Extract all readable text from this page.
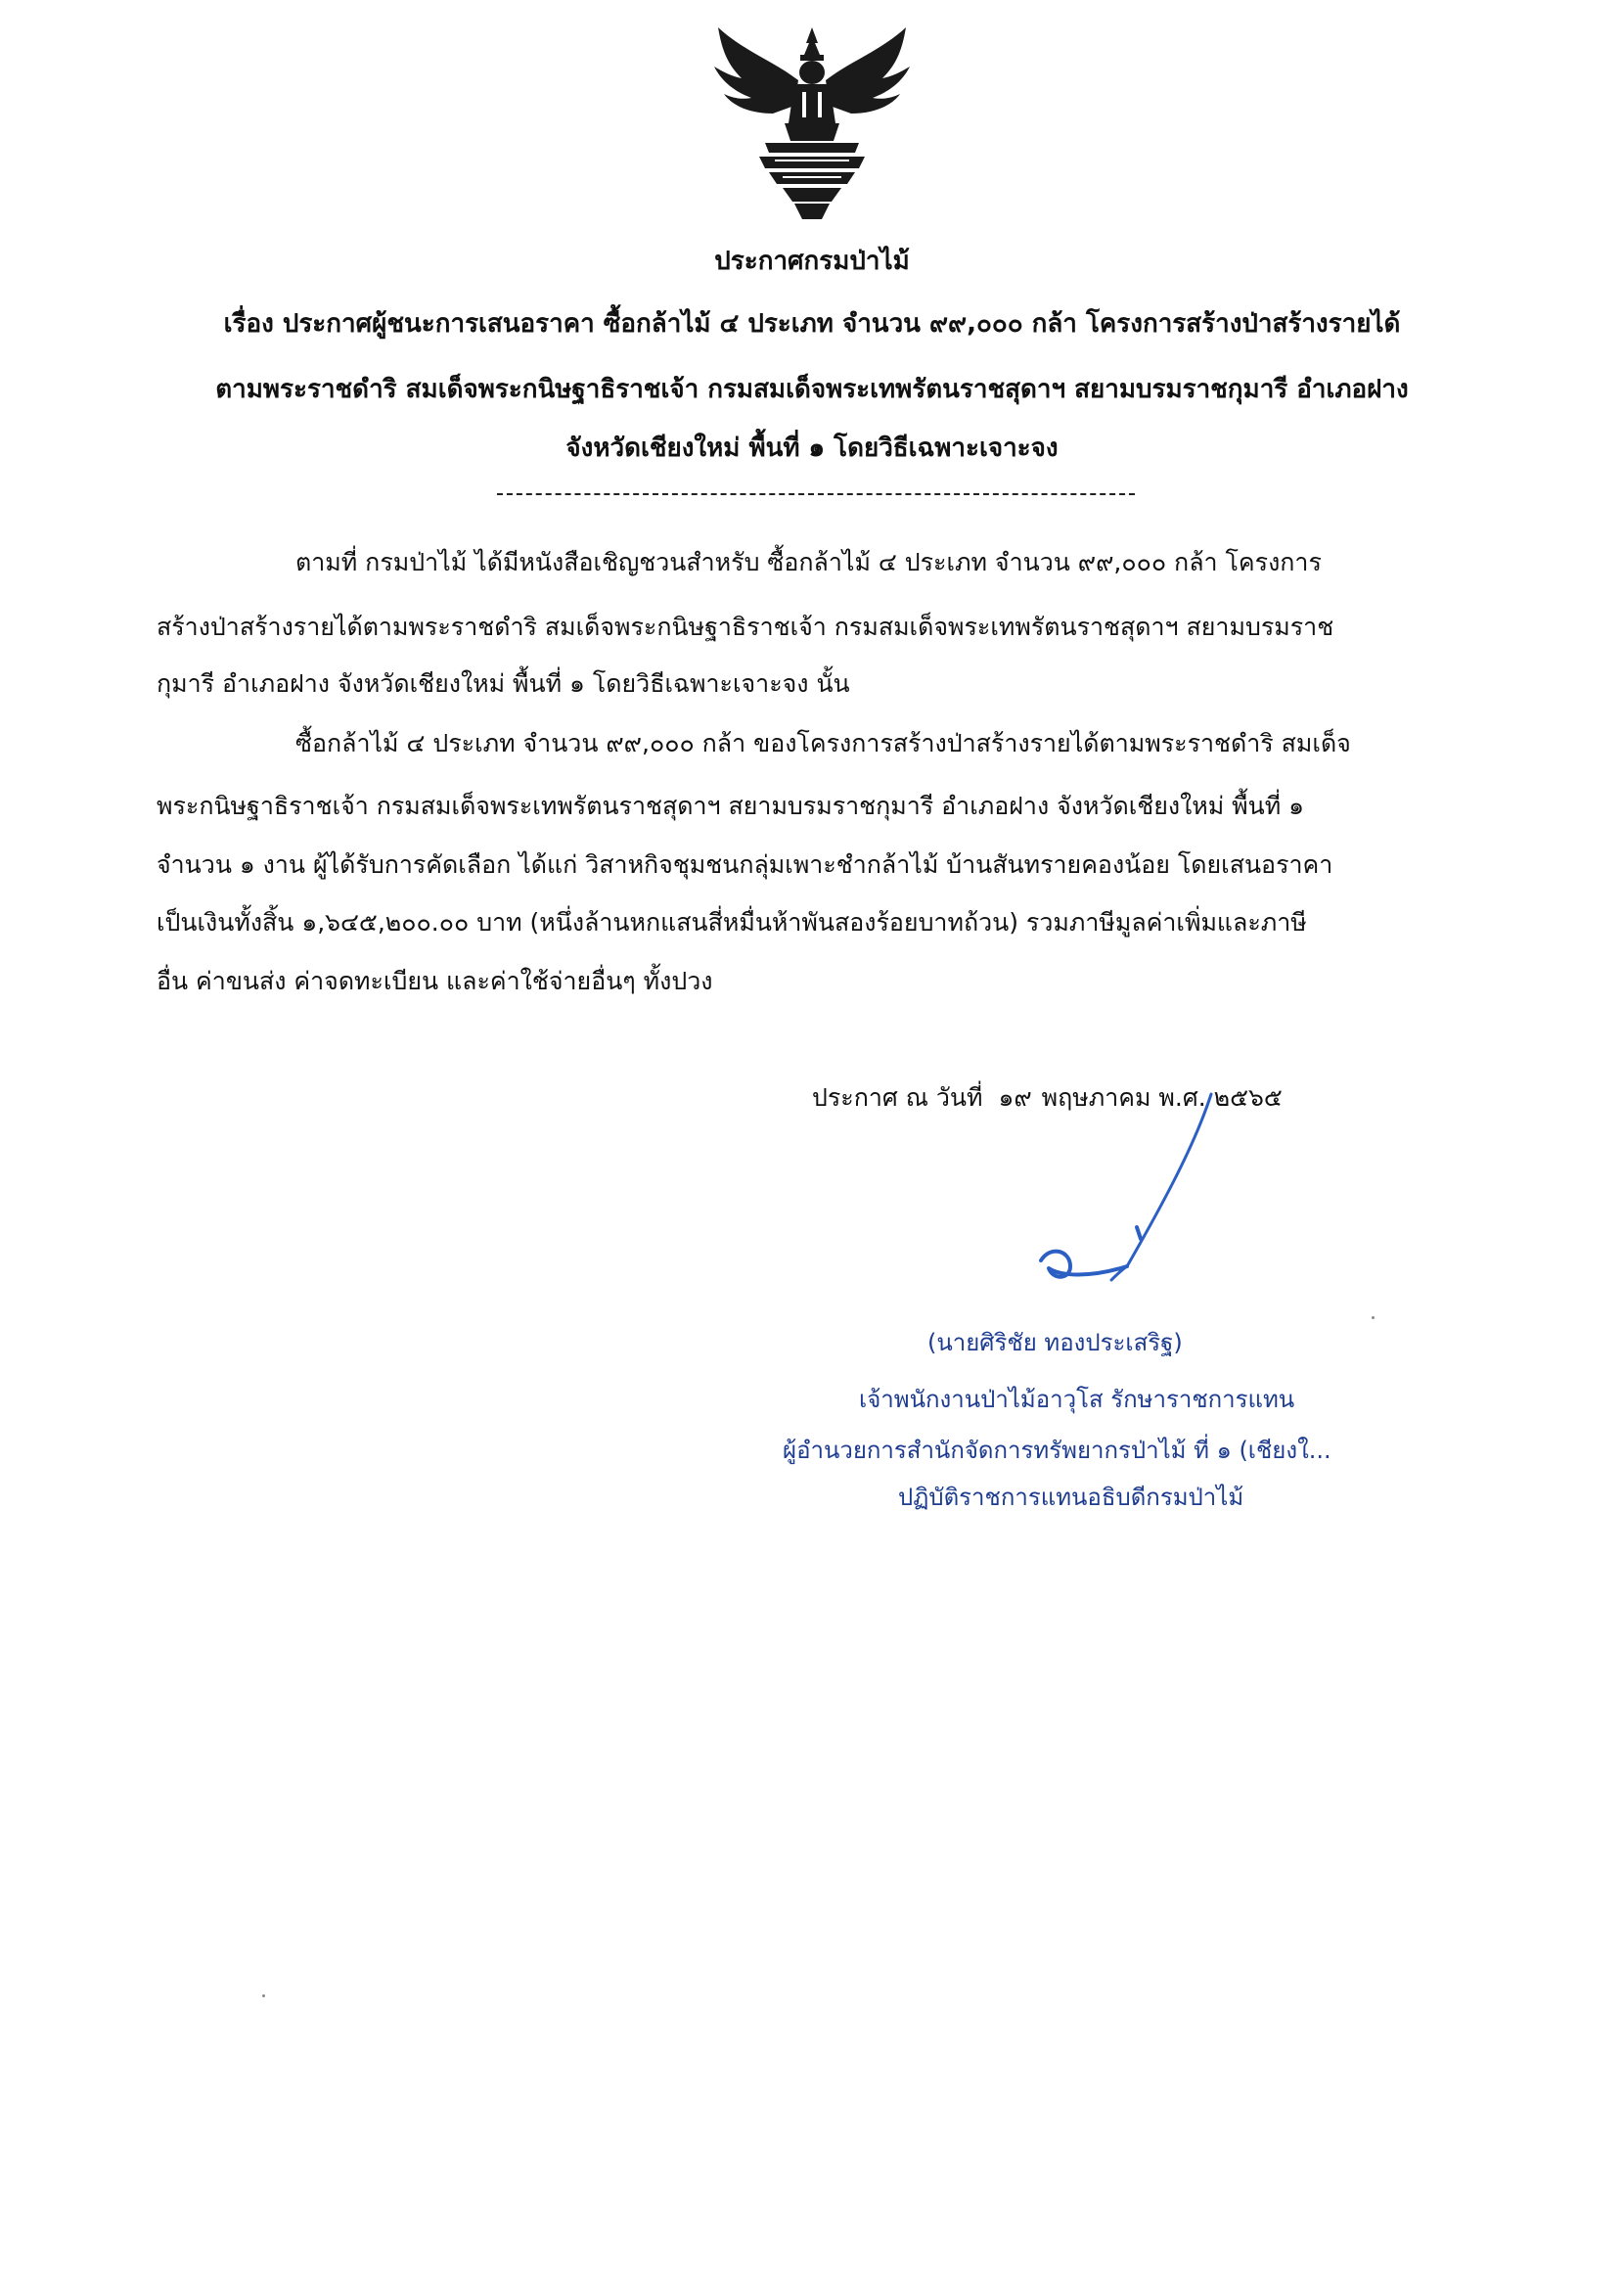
ประกาศกรมป่าไม้
เรื่อง ประกาศผู้ชนะการเสนอราคา ซื้อกล้าไม้ ๔ ประเภท จำนวน ๙๙,๐๐๐ กล้า โครงการสร้างป่าสร้างรายได้
ตามพระราชดำริ สมเด็จพระกนิษฐาธิราชเจ้า กรมสมเด็จพระเทพรัตนราชสุดาฯ สยามบรมราชกุมารี อำเภอฝาง
จังหวัดเชียงใหม่ พื้นที่ ๑ โดยวิธีเฉพาะเจาะจง
ตามที่ กรมป่าไม้ ได้มีหนังสือเชิญชวนสำหรับ ซื้อกล้าไม้ ๔ ประเภท จำนวน ๙๙,๐๐๐ กล้า โครงการ
สร้างป่าสร้างรายได้ตามพระราชดำริ สมเด็จพระกนิษฐาธิราชเจ้า กรมสมเด็จพระเทพรัตนราชสุดาฯ สยามบรมราช
กุมารี อำเภอฝาง จังหวัดเชียงใหม่ พื้นที่ ๑ โดยวิธีเฉพาะเจาะจง นั้น
ซื้อกล้าไม้ ๔ ประเภท จำนวน ๙๙,๐๐๐ กล้า ของโครงการสร้างป่าสร้างรายได้ตามพระราชดำริ สมเด็จ
พระกนิษฐาธิราชเจ้า กรมสมเด็จพระเทพรัตนราชสุดาฯ สยามบรมราชกุมารี อำเภอฝาง จังหวัดเชียงใหม่ พื้นที่ ๑
จำนวน ๑ งาน ผู้ได้รับการคัดเลือก ได้แก่ วิสาหกิจชุมชนกลุ่มเพาะชำกล้าไม้ บ้านสันทรายคองน้อย โดยเสนอราคา
เป็นเงินทั้งสิ้น ๑,๖๔๕,๒๐๐.๐๐ บาท (หนึ่งล้านหกแสนสี่หมื่นห้าพันสองร้อยบาทถ้วน) รวมภาษีมูลค่าเพิ่มและภาษี
อื่น ค่าขนส่ง ค่าจดทะเบียน และค่าใช้จ่ายอื่นๆ ทั้งปวง
ประกาศ ณ วันที่ ๑๙ พฤษภาคม พ.ศ. ๒๕๖๕
(นายศิริชัย ทองประเสริฐ)
เจ้าพนักงานป่าไม้อาวุโส รักษาราชการแทน
ผู้อำนวยการสำนักจัดการทรัพยากรป่าไม้ ที่ ๑ (เชียงใ...
ปฏิบัติราชการแทนอธิบดีกรมป่าไม้
